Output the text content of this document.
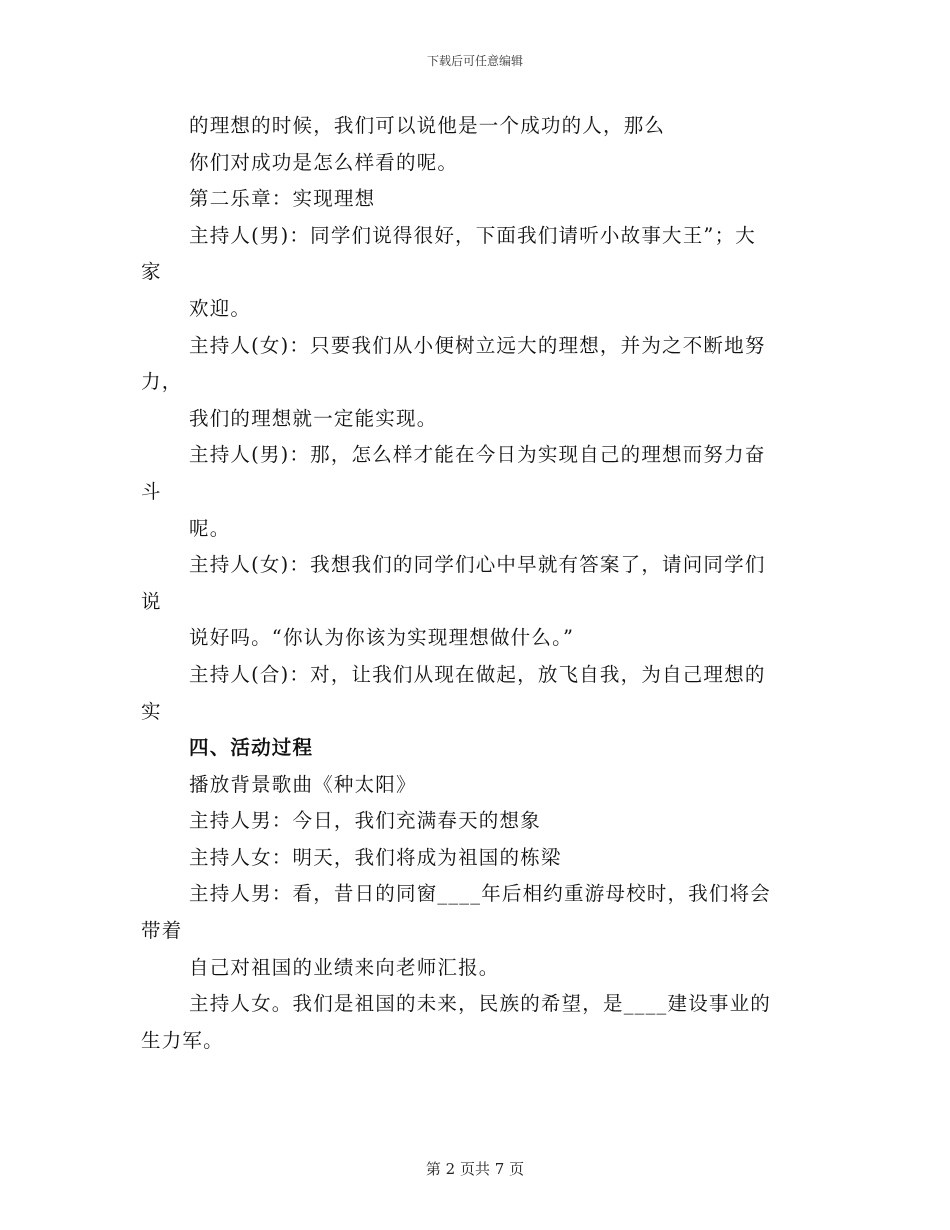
下载后可任意编辑
的理想的时候，我们可以说他是一个成功的人，那么
你们对成功是怎么样看的呢。
第二乐章：实现理想
主持人(男)：同学们说得很好，下面我们请听小故事大王”；大
家
欢迎。
主持人(女)：只要我们从小便树立远大的理想，并为之不断地努
力，
我们的理想就一定能实现。
主持人(男)：那，怎么样才能在今日为实现自己的理想而努力奋
斗
呢。
主持人(女)：我想我们的同学们心中早就有答案了，请问同学们
说
说好吗。“你认为你该为实现理想做什么。”
主持人(合)：对，让我们从现在做起，放飞自我，为自己理想的
实
四、活动过程
播放背景歌曲《种太阳》
主持人男：今日，我们充满春天的想象
主持人女：明天，我们将成为祖国的栋梁
主持人男：看，昔日的同窗____年后相约重游母校时，我们将会
带着
自己对祖国的业绩来向老师汇报。
主持人女。我们是祖国的未来，民族的希望，是____建设事业的
生力军。
第 2 页共 7 页
